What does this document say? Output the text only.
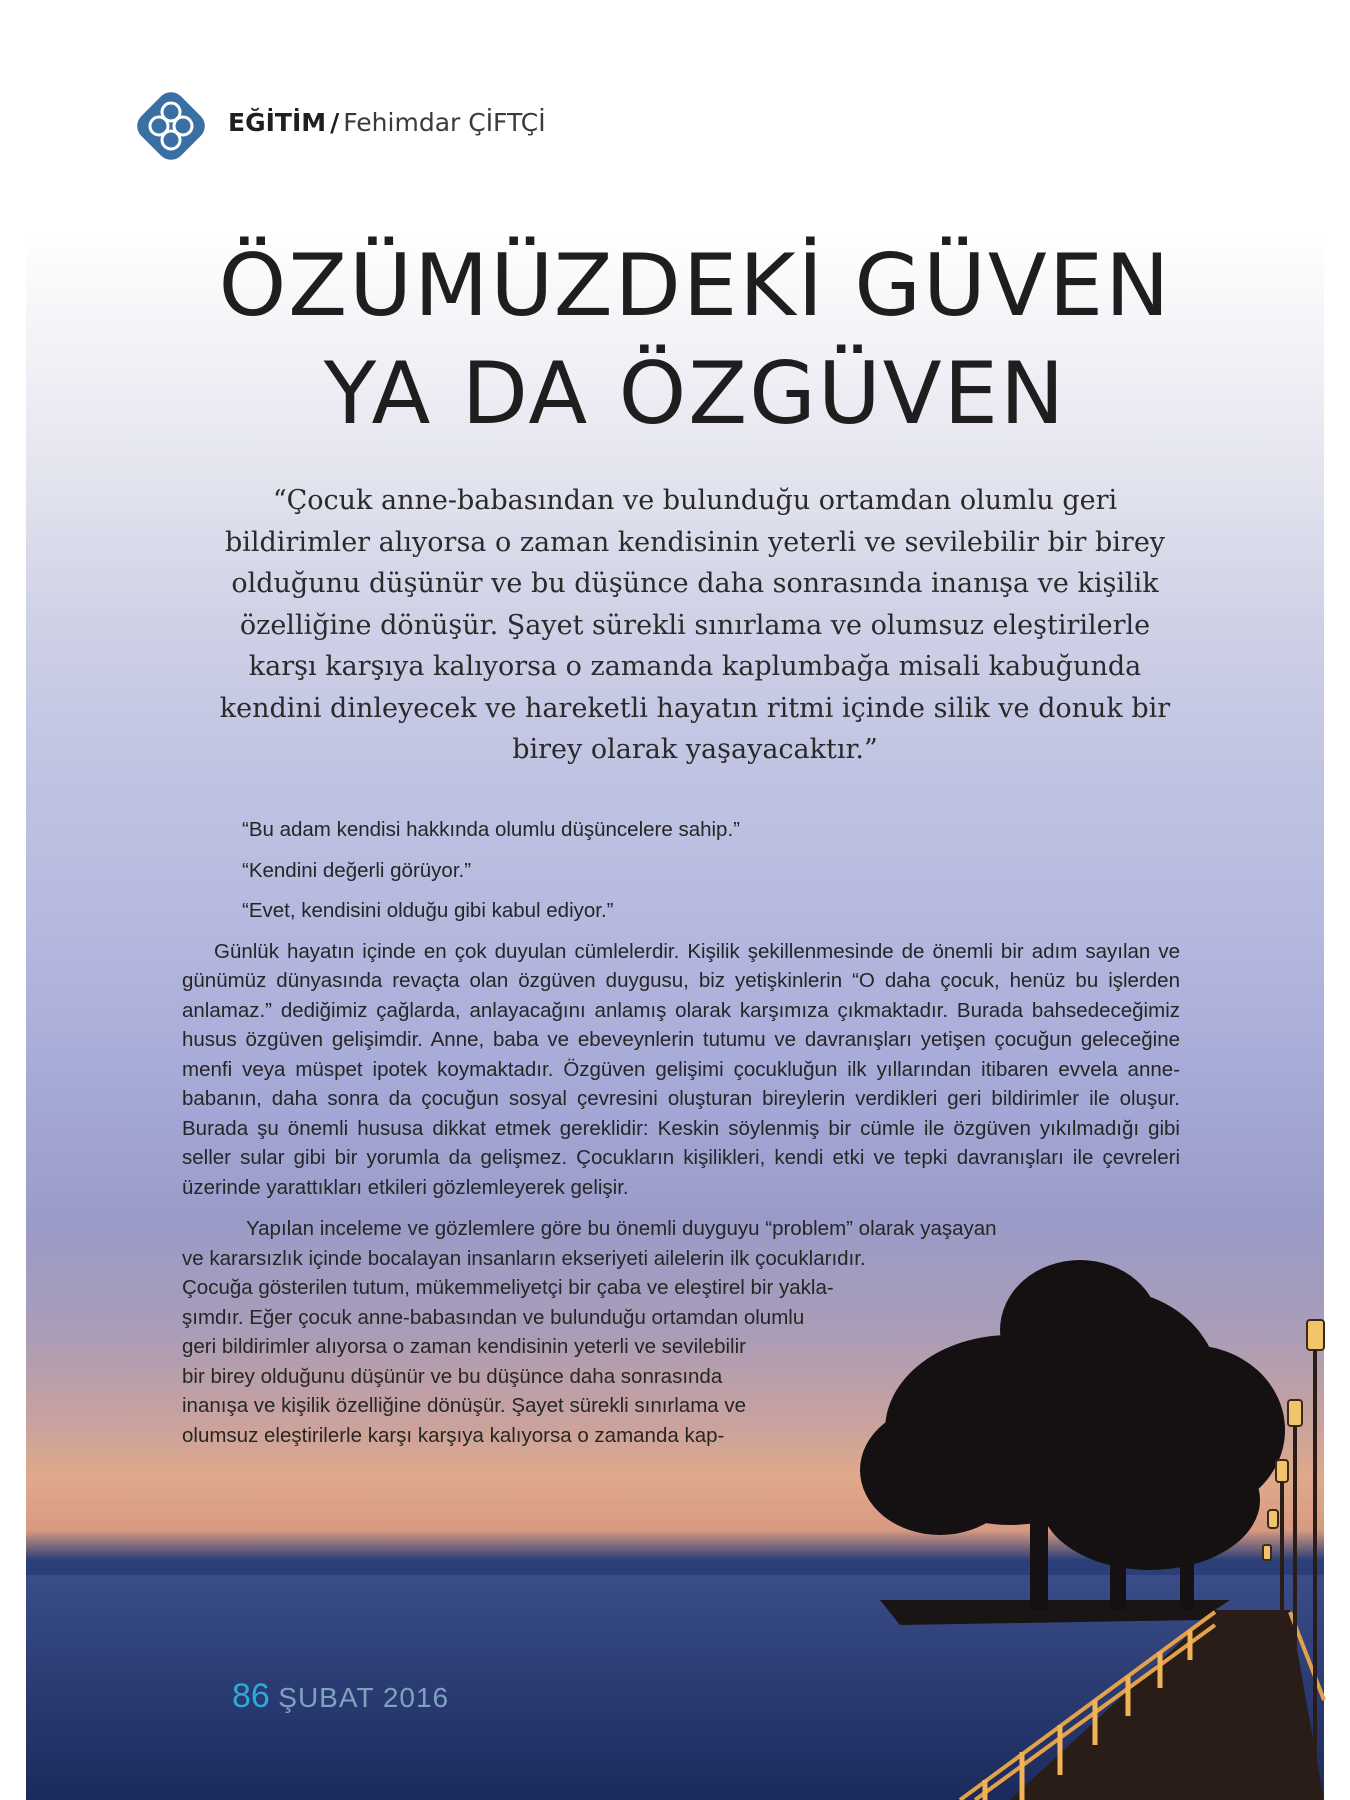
EĞİTİM / Fehimdar ÇİFTÇİ
ÖZÜMÜZDEKİ GÜVEN
YA DA ÖZGÜVEN
“Çocuk anne-babasından ve bulunduğu ortamdan olumlu geri bildirimler alıyorsa o zaman kendisinin yeterli ve sevilebilir bir birey olduğunu düşünür ve bu düşünce daha sonrasında inanışa ve kişilik özelliğine dönüşür. Şayet sürekli sınırlama ve olumsuz eleştirilerle karşı karşıya kalıyorsa o zamanda kaplumbağa misali kabuğunda kendini dinleyecek ve hareketli hayatın ritmi içinde silik ve donuk bir birey olarak yaşayacaktır.”

“Bu adam kendisi hakkında olumlu düşüncelere sahip.”

“Kendini değerli görüyor.”

“Evet, kendisini olduğu gibi kabul ediyor.”

Günlük hayatın içinde en çok duyulan cümlelerdir. Kişilik şekillenmesinde de önemli bir adım sayılan ve günümüz dünyasında revaçta olan özgüven duygusu, biz yetişkinlerin “O daha çocuk, henüz bu işlerden anlamaz.” dediğimiz çağlarda, anlayacağını anlamış olarak karşımıza çıkmaktadır. Burada bahsedeceğimiz husus özgüven gelişimdir. Anne, baba ve ebeveynlerin tutumu ve davranışları yetişen çocuğun geleceğine menfi veya müspet ipotek koymaktadır. Özgüven gelişimi çocukluğun ilk yıllarından itibaren evvela anne-babanın, daha sonra da çocuğun sosyal çevresini oluşturan bireylerin verdikleri geri bildirimler ile oluşur. Burada şu önemli hususa dikkat etmek gereklidir: Keskin söylenmiş bir cümle ile özgüven yıkılmadığı gibi seller sular gibi bir yorumla da gelişmez. Çocukların kişilikleri, kendi etki ve tepki davranışları ile çevreleri üzerinde yarattıkları etkileri gözlemleyerek gelişir.

Yapılan inceleme ve gözlemlere göre bu önemli duyguyu “problem” olarak yaşayan
ve kararsızlık içinde bocalayan insanların ekseriyeti ailelerin ilk çocuklarıdır.
Çocuğa gösterilen tutum, mükemmeliyetçi bir çaba ve eleştirel bir yakla-
şımdır. Eğer çocuk anne-babasından ve bulunduğu ortamdan olumlu
geri bildirimler alıyorsa o zaman kendisinin yeterli ve sevilebilir
bir birey olduğunu düşünür ve bu düşünce daha sonrasında
inanışa ve kişilik özelliğine dönüşür. Şayet sürekli sınırlama ve
olumsuz eleştirilerle karşı karşıya kalıyorsa o zamanda kap-

86 ŞUBAT 2016
